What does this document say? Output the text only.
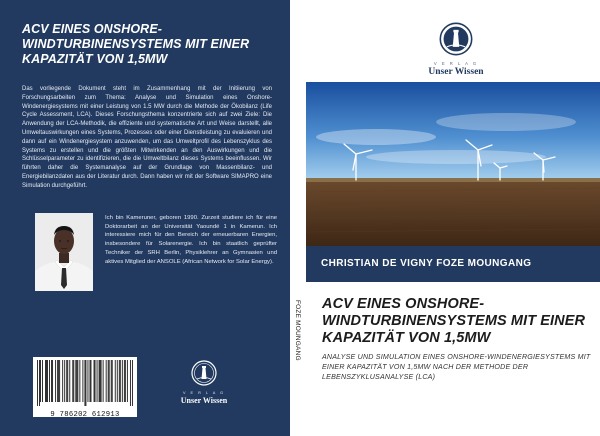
ACV EINES ONSHORE-WINDTURBINENSYSTEMS MIT EINER KAPAZITÄT VON 1,5MW
Das vorliegende Dokument steht im Zusammenhang mit der Initiierung von Forschungsarbeiten zum Thema: Analyse und Simulation eines Onshore-Windenergiesystems mit einer Leistung von 1.5 MW durch die Methode der Ökobilanz (Life Cycle Assessment, LCA). Dieses Forschungsthema konzentrierte sich auf zwei Ziele: Die Anwendung der LCA-Methodik, die effiziente und systematische Art und Weise darstellt, alle Umweltauswirkungen eines Systems, Prozesses oder einer Dienstleistung zu evaluieren und dann auf ein Windenergiesystem anzuwenden, um das Umweltprofil des Lebenszyklus des Systems zu erstellen und die größten Mitwirkenden an den Auswirkungen und die Schlüsselparameter zu identifizieren, die die Umweltbilanz dieses Systems beeinflussen. Wir führten daher die Systemanalyse auf der Grundlage von Massenbilanz- und Energiebilanzdaten aus der Literatur durch. Dann haben wir mit der Software SIMAPRO eine Simulation durchgeführt.
Ich bin Kameruner, geboren 1990. Zurzeit studiere ich für eine Doktorarbeit an der Universität Yaoundé 1 in Kamerun. Ich interessiere mich für den Bereich der erneuerbaren Energien, insbesondere für Solarenergie. Ich bin staatlich geprüfter Techniker der SRH Berlin, Physiklehrer an Gymnasien und aktives Mitglied der ANSOLE (African Network for Solar Energy).
9 786202 612913
V E R L A G
Unser Wissen
FOZE MOUNGANG
V E R L A G
Unser Wissen
CHRISTIAN DE VIGNY FOZE MOUNGANG
ACV EINES ONSHORE-WINDTURBINENSYSTEMS MIT EINER KAPAZITÄT VON 1,5MW
ANALYSE UND SIMULATION EINES ONSHORE-WINDENERGIESYSTEMS MIT EINER KAPAZITÄT VON 1,5MW NACH DER METHODE DER LEBENSZYKLUSANALYSE (LCA)
